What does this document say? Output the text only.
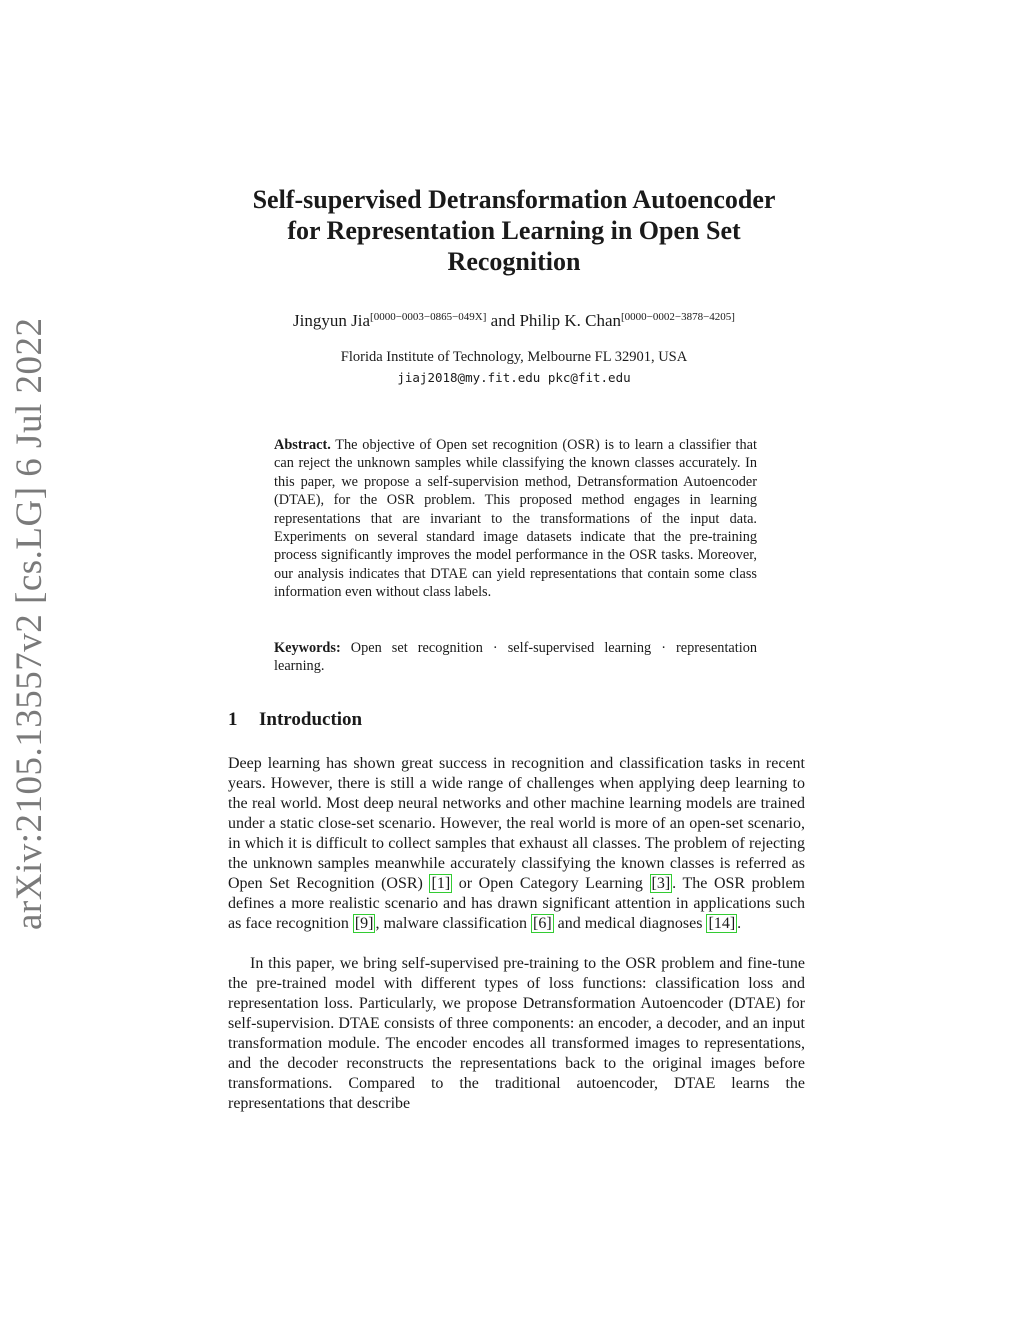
arXiv:2105.13557v2 [cs.LG] 6 Jul 2022
Self-supervised Detransformation Autoencoder
for Representation Learning in Open Set
Recognition
Jingyun Jia[0000−0003−0865−049X] and Philip K. Chan[0000−0002−3878−4205]
Florida Institute of Technology, Melbourne FL 32901, USA
jiaj2018@my.fit.edu pkc@fit.edu

Abstract. The objective of Open set recognition (OSR) is to learn a classifier that can reject the unknown samples while classifying the known classes accurately. In this paper, we propose a self-supervision method, Detransformation Autoencoder (DTAE), for the OSR problem. This proposed method engages in learning representations that are invariant to the transformations of the input data. Experiments on several standard image datasets indicate that the pre-training process significantly improves the model performance in the OSR tasks. Moreover, our analysis indicates that DTAE can yield representations that contain some class information even without class labels.

Keywords: Open set recognition · self-supervised learning · representation learning.

1 Introduction

Deep learning has shown great success in recognition and classification tasks in recent years. However, there is still a wide range of challenges when applying deep learning to the real world. Most deep neural networks and other machine learning models are trained under a static close-set scenario. However, the real world is more of an open-set scenario, in which it is difficult to collect samples that exhaust all classes. The problem of rejecting the unknown samples meanwhile accurately classifying the known classes is referred as Open Set Recognition (OSR) [1] or Open Category Learning [3] . The OSR problem defines a more realistic scenario and has drawn significant attention in applications such as face recognition [9] , malware classification [6] and medical diagnoses [14] .

In this paper, we bring self-supervised pre-training to the OSR problem and fine-tune the pre-trained model with different types of loss functions: classification loss and representation loss. Particularly, we propose Detransformation Autoencoder (DTAE) for self-supervision. DTAE consists of three components: an encoder, a decoder, and an input transformation module. The encoder encodes all transformed images to representations, and the decoder reconstructs the representations back to the original images before transformations. Compared to the traditional autoencoder, DTAE learns the representations that describe
